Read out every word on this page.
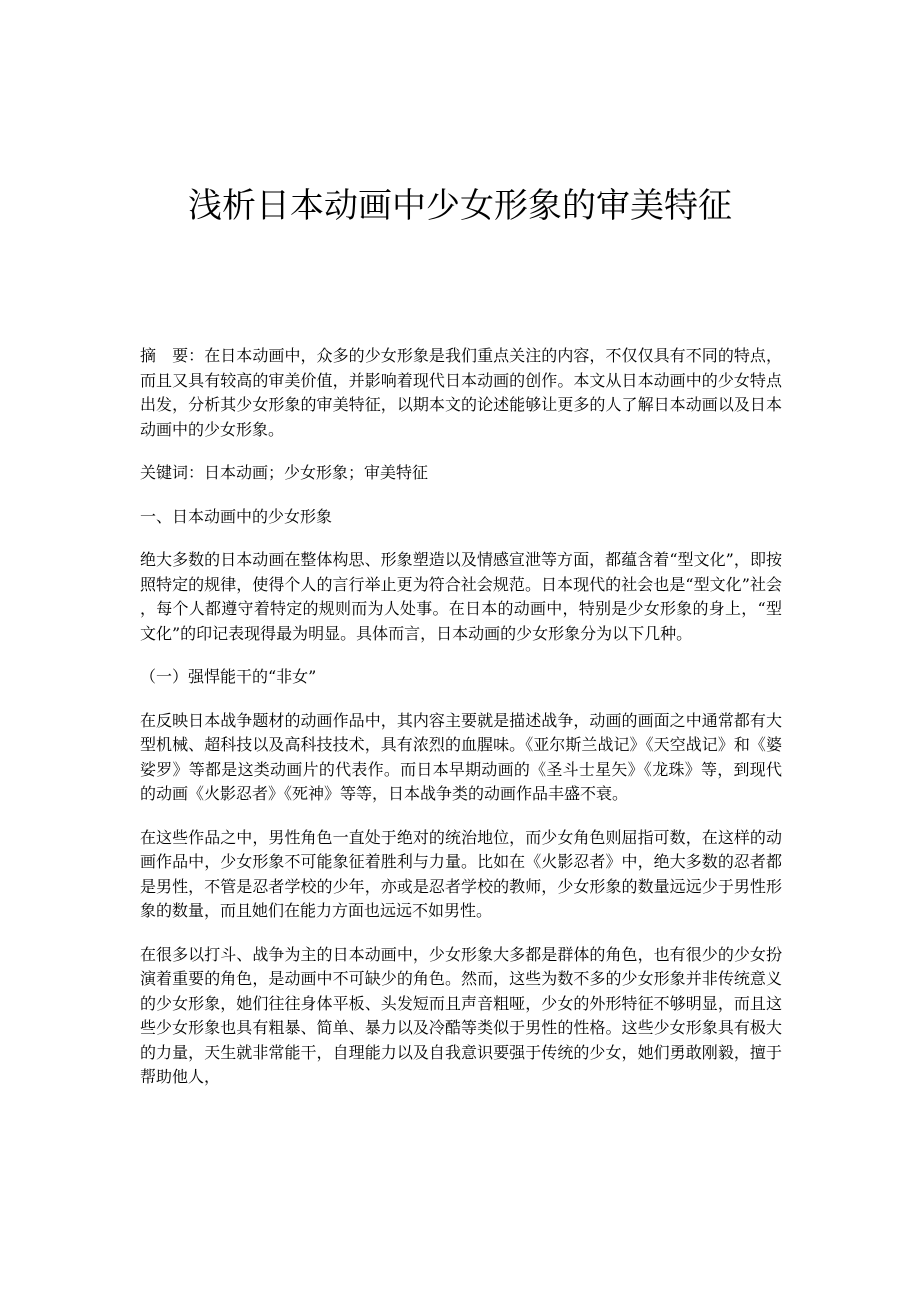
浅析日本动画中少女形象的审美特征

摘　要：在日本动画中，众多的少女形象是我们重点关注的内容，不仅仅具有不同的特点，而且又具有较高的审美价值，并影响着现代日本动画的创作。本文从日本动画中的少女特点出发，分析其少女形象的审美特征，以期本文的论述能够让更多的人了解日本动画以及日本动画中的少女形象。

关键词：日本动画；少女形象；审美特征

一、日本动画中的少女形象

绝大多数的日本动画在整体构思、形象塑造以及情感宣泄等方面，都蕴含着“型文化”，即按照特定的规律，使得个人的言行举止更为符合社会规范。日本现代的社会也是“型文化”社会，每个人都遵守着特定的规则而为人处事。在日本的动画中，特别是少女形象的身上，“型文化”的印记表现得最为明显。具体而言，日本动画的少女形象分为以下几种。

（一）强悍能干的“非女”

在反映日本战争题材的动画作品中，其内容主要就是描述战争，动画的画面之中通常都有大型机械、超科技以及高科技技术，具有浓烈的血腥味。《亚尔斯兰战记》《天空战记》和《婆娑罗》等都是这类动画片的代表作。而日本早期动画的《圣斗士星矢》《龙珠》等，到现代的动画《火影忍者》《死神》等等，日本战争类的动画作品丰盛不衰。

在这些作品之中，男性角色一直处于绝对的统治地位，而少女角色则屈指可数，在这样的动画作品中，少女形象不可能象征着胜利与力量。比如在《火影忍者》中，绝大多数的忍者都是男性，不管是忍者学校的少年，亦或是忍者学校的教师，少女形象的数量远远少于男性形象的数量，而且她们在能力方面也远远不如男性。

在很多以打斗、战争为主的日本动画中，少女形象大多都是群体的角色，也有很少的少女扮演着重要的角色，是动画中不可缺少的角色。然而，这些为数不多的少女形象并非传统意义的少女形象，她们往往身体平板、头发短而且声音粗哑，少女的外形特征不够明显，而且这些少女形象也具有粗暴、简单、暴力以及冷酷等类似于男性的性格。这些少女形象具有极大的力量，天生就非常能干，自理能力以及自我意识要强于传统的少女，她们勇敢刚毅，擅于帮助他人，
